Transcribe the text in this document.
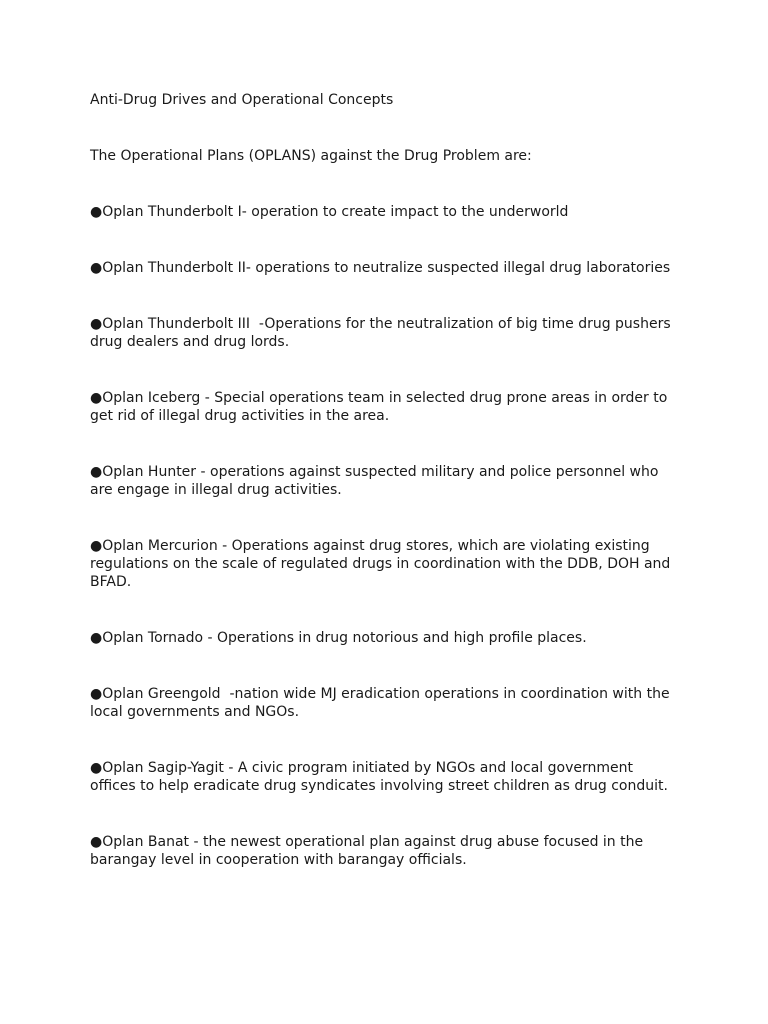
Anti-Drug Drives and Operational Concepts

The Operational Plans (OPLANS) against the Drug Problem are:

●Oplan Thunderbolt I- operation to create impact to the underworld

●Oplan Thunderbolt II- operations to neutralize suspected illegal drug laboratories

●Oplan Thunderbolt III  -Operations for the neutralization of big time drug pushers drug dealers and drug lords.

●Oplan Iceberg - Special operations team in selected drug prone areas in order to get rid of illegal drug activities in the area.

●Oplan Hunter - operations against suspected military and police personnel who are engage in illegal drug activities.

●Oplan Mercurion - Operations against drug stores, which are violating existing regulations on the scale of regulated drugs in coordination with the DDB, DOH and BFAD.

●Oplan Tornado - Operations in drug notorious and high profile places.

●Oplan Greengold  -nation wide MJ eradication operations in coordination with the local governments and NGOs.

●Oplan Sagip-Yagit - A civic program initiated by NGOs and local government offices to help eradicate drug syndicates involving street children as drug conduit.

●Oplan Banat - the newest operational plan against drug abuse focused in the barangay level in cooperation with barangay officials.
